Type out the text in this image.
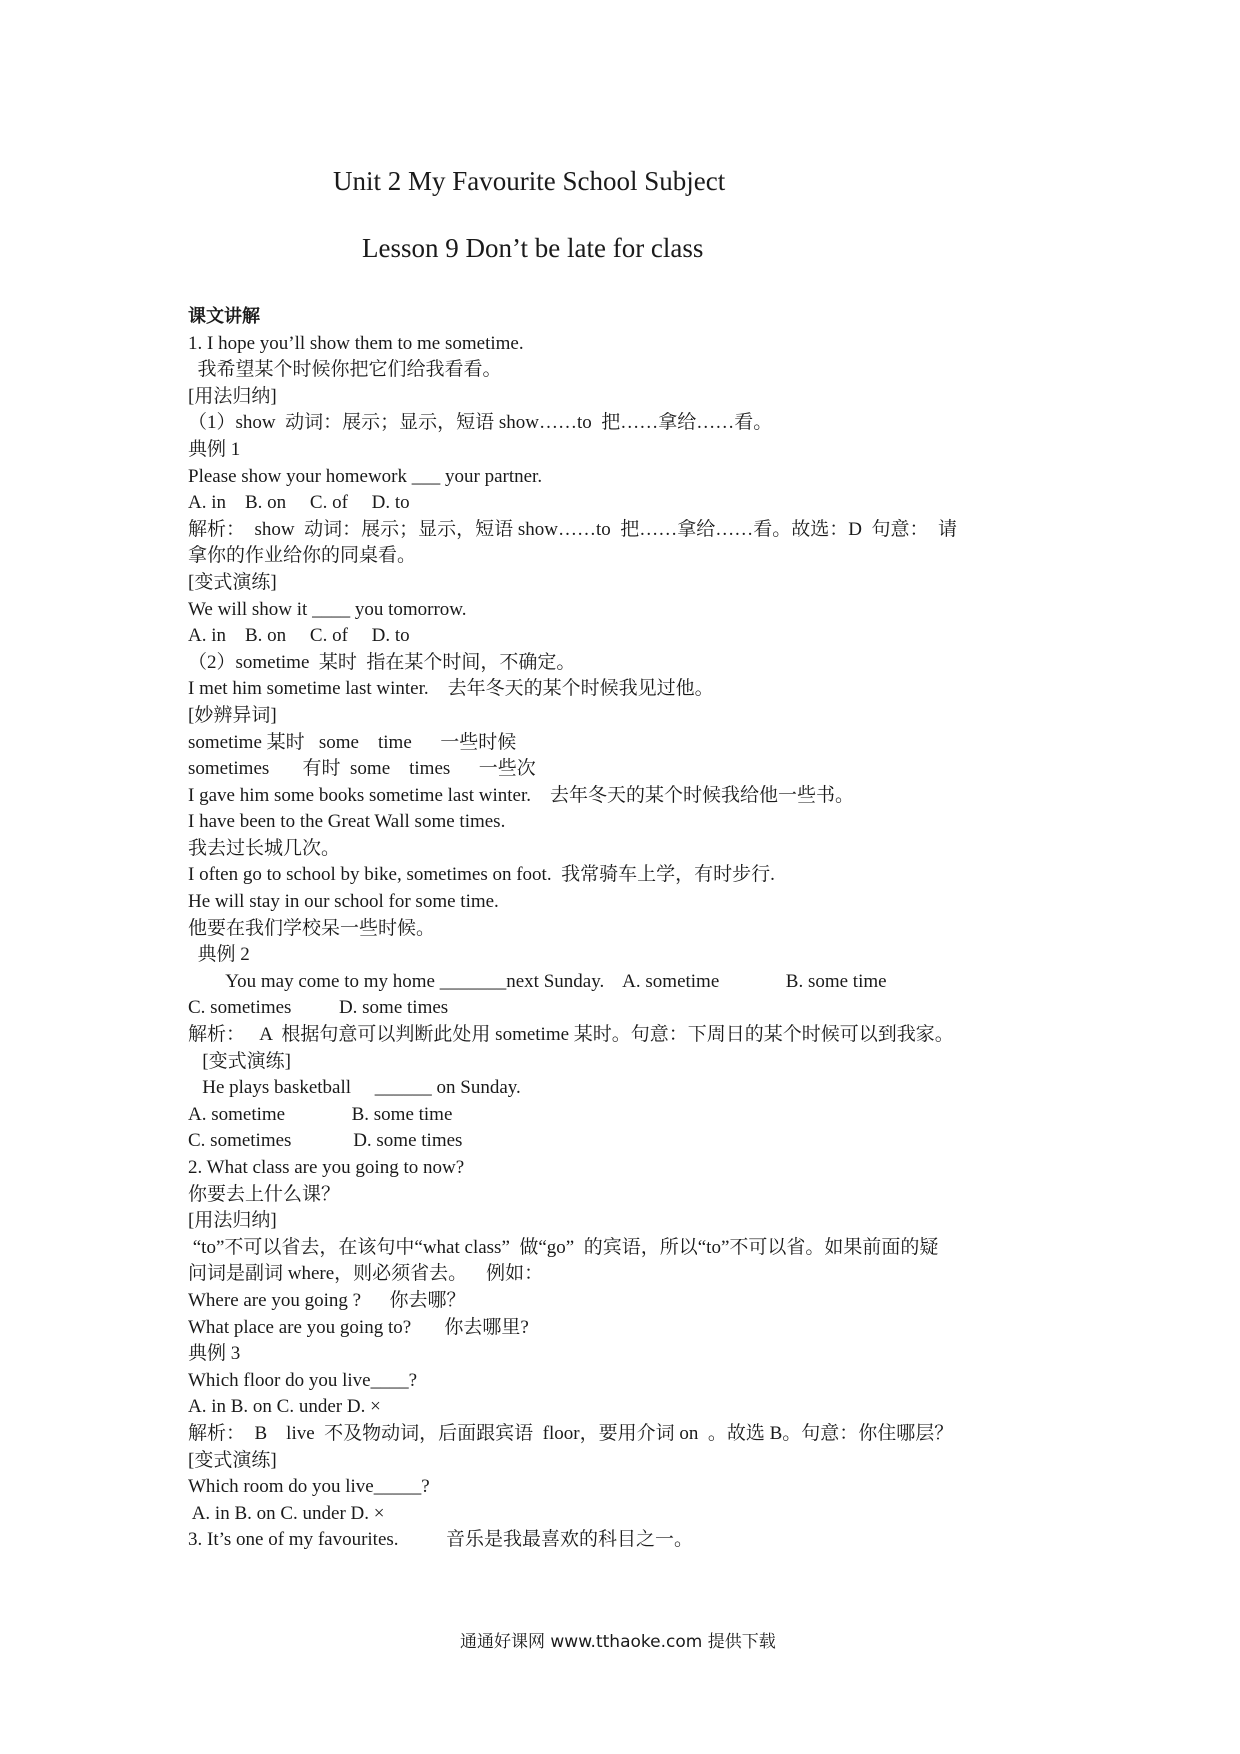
Unit 2 My Favourite School Subject
Lesson 9 Don’t be late for class
课文讲解
1. I hope you’ll show them to me sometime.
我希望某个时候你把它们给我看看。
[用法归纳]
（1）show  动词：展示；显示，短语 show……to  把……拿给……看。
典例 1
Please show your homework ___ your partner.
A. in    B. on     C. of     D. to
解析：  show  动词：展示；显示，短语 show……to  把……拿给……看。故选：D  句意：  请
拿你的作业给你的同桌看。
[变式演练]
We will show it ____ you tomorrow.
A. in    B. on     C. of     D. to
（2）sometime  某时  指在某个时间，不确定。
I met him sometime last winter.    去年冬天的某个时候我见过他。
[妙辨异词]
sometime 某时   some    time      一些时候
sometimes       有时  some    times      一些次
I gave him some books sometime last winter.    去年冬天的某个时候我给他一些书。
I have been to the Great Wall some times.
我去过长城几次。
I often go to school by bike, sometimes on foot.  我常骑车上学，有时步行.
He will stay in our school for some time.
他要在我们学校呆一些时候。
典例 2
You may come to my home _______next Sunday.    A. sometime              B. some time
C. sometimes          D. some times
解析：   A  根据句意可以判断此处用 sometime 某时。句意：下周日的某个时候可以到我家。
[变式演练]
He plays basketball     ______ on Sunday.
A. sometime              B. some time
C. sometimes             D. some times
2. What class are you going to now?
你要去上什么课？
[用法归纳]
“to”不可以省去，在该句中“what class”  做“go”  的宾语，所以“to”不可以省。如果前面的疑
问词是副词 where，则必须省去。    例如：
Where are you going ?      你去哪？
What place are you going to?       你去哪里?
典例 3
Which floor do you live____?
A. in B. on C. under D. ×
解析：  B    live  不及物动词，后面跟宾语  floor，要用介词 on  。故选 B。句意：你住哪层？
[变式演练]
Which room do you live_____?
A. in B. on C. under D. ×
3. It’s one of my favourites.          音乐是我最喜欢的科目之一。
通通好课网 www.tthaoke.com 提供下载
